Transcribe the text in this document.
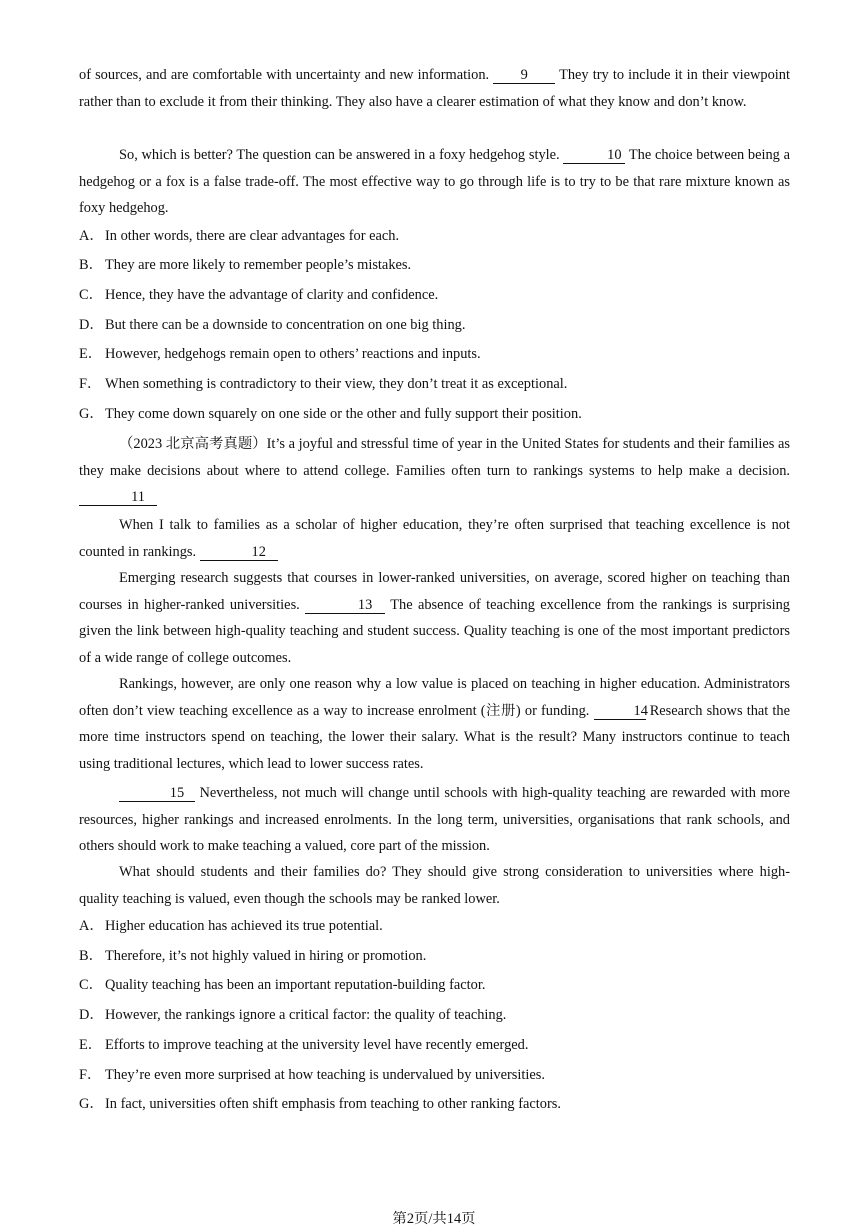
of sources, and are comfortable with uncertainty and new information. 9 They try to include it in their viewpoint rather than to exclude it from their thinking. They also have a clearer estimation of what they know and don’t know.

So, which is better? The question can be answered in a foxy hedgehog style.	10 The choice between being a hedgehog or a fox is a false trade-off. The most effective way to go through life is to try to be that rare mixture known as foxy hedgehog.

A．In other words, there are clear advantages for each.
B． They are more likely to remember people’s mistakes.
C． Hence, they have the advantage of clarity and confidence.
D．But there can be a downside to concentration on one big thing.
E． However, hedgehogs remain open to others’ reactions and inputs.
F． When something is contradictory to their view, they don’t treat it as exceptional.
G．They come down squarely on one side or the other and fully support their position.

（2023 北京高考真题）It’s a joyful and stressful time of year in the United States for students and their families as they make decisions about where to attend college. Families often turn to rankings systems to help make a decision. 11

When I talk to families as a scholar of higher education, they’re often surprised that teaching excellence is not counted in rankings.	12

Emerging research suggests that courses in lower-ranked universities, on average, scored higher on teaching than courses in higher-ranked universities.	13 The absence of teaching excellence from the rankings is surprising given the link between high-quality teaching and student success. Quality teaching is one of the most important predictors of a wide range of college outcomes.

Rankings, however, are only one reason why a low value is placed on teaching in higher education. Administrators often don’t view teaching excellence as a way to increase enrolment (注册) or funding.	14 Research shows that the more time instructors spend on teaching, the lower their salary. What is the result? Many instructors continue to teach using traditional lectures, which lead to lower success rates.

15 Nevertheless, not much will change until schools with high-quality teaching are rewarded with more resources, higher rankings and increased enrolments. In the long term, universities, organisations that rank schools, and others should work to make teaching a valued, core part of the mission.

What should students and their families do? They should give strong consideration to universities where high-quality teaching is valued, even though the schools may be ranked lower.

A．Higher education has achieved its true potential.
B． Therefore, it’s not highly valued in hiring or promotion.
C． Quality teaching has been an important reputation-building factor.
D．However, the rankings ignore a critical factor: the quality of teaching.
E． Efforts to improve teaching at the university level have recently emerged.
F． They’re even more surprised at how teaching is undervalued by universities.
G．In fact, universities often shift emphasis from teaching to other ranking factors.
第2页/共14页
